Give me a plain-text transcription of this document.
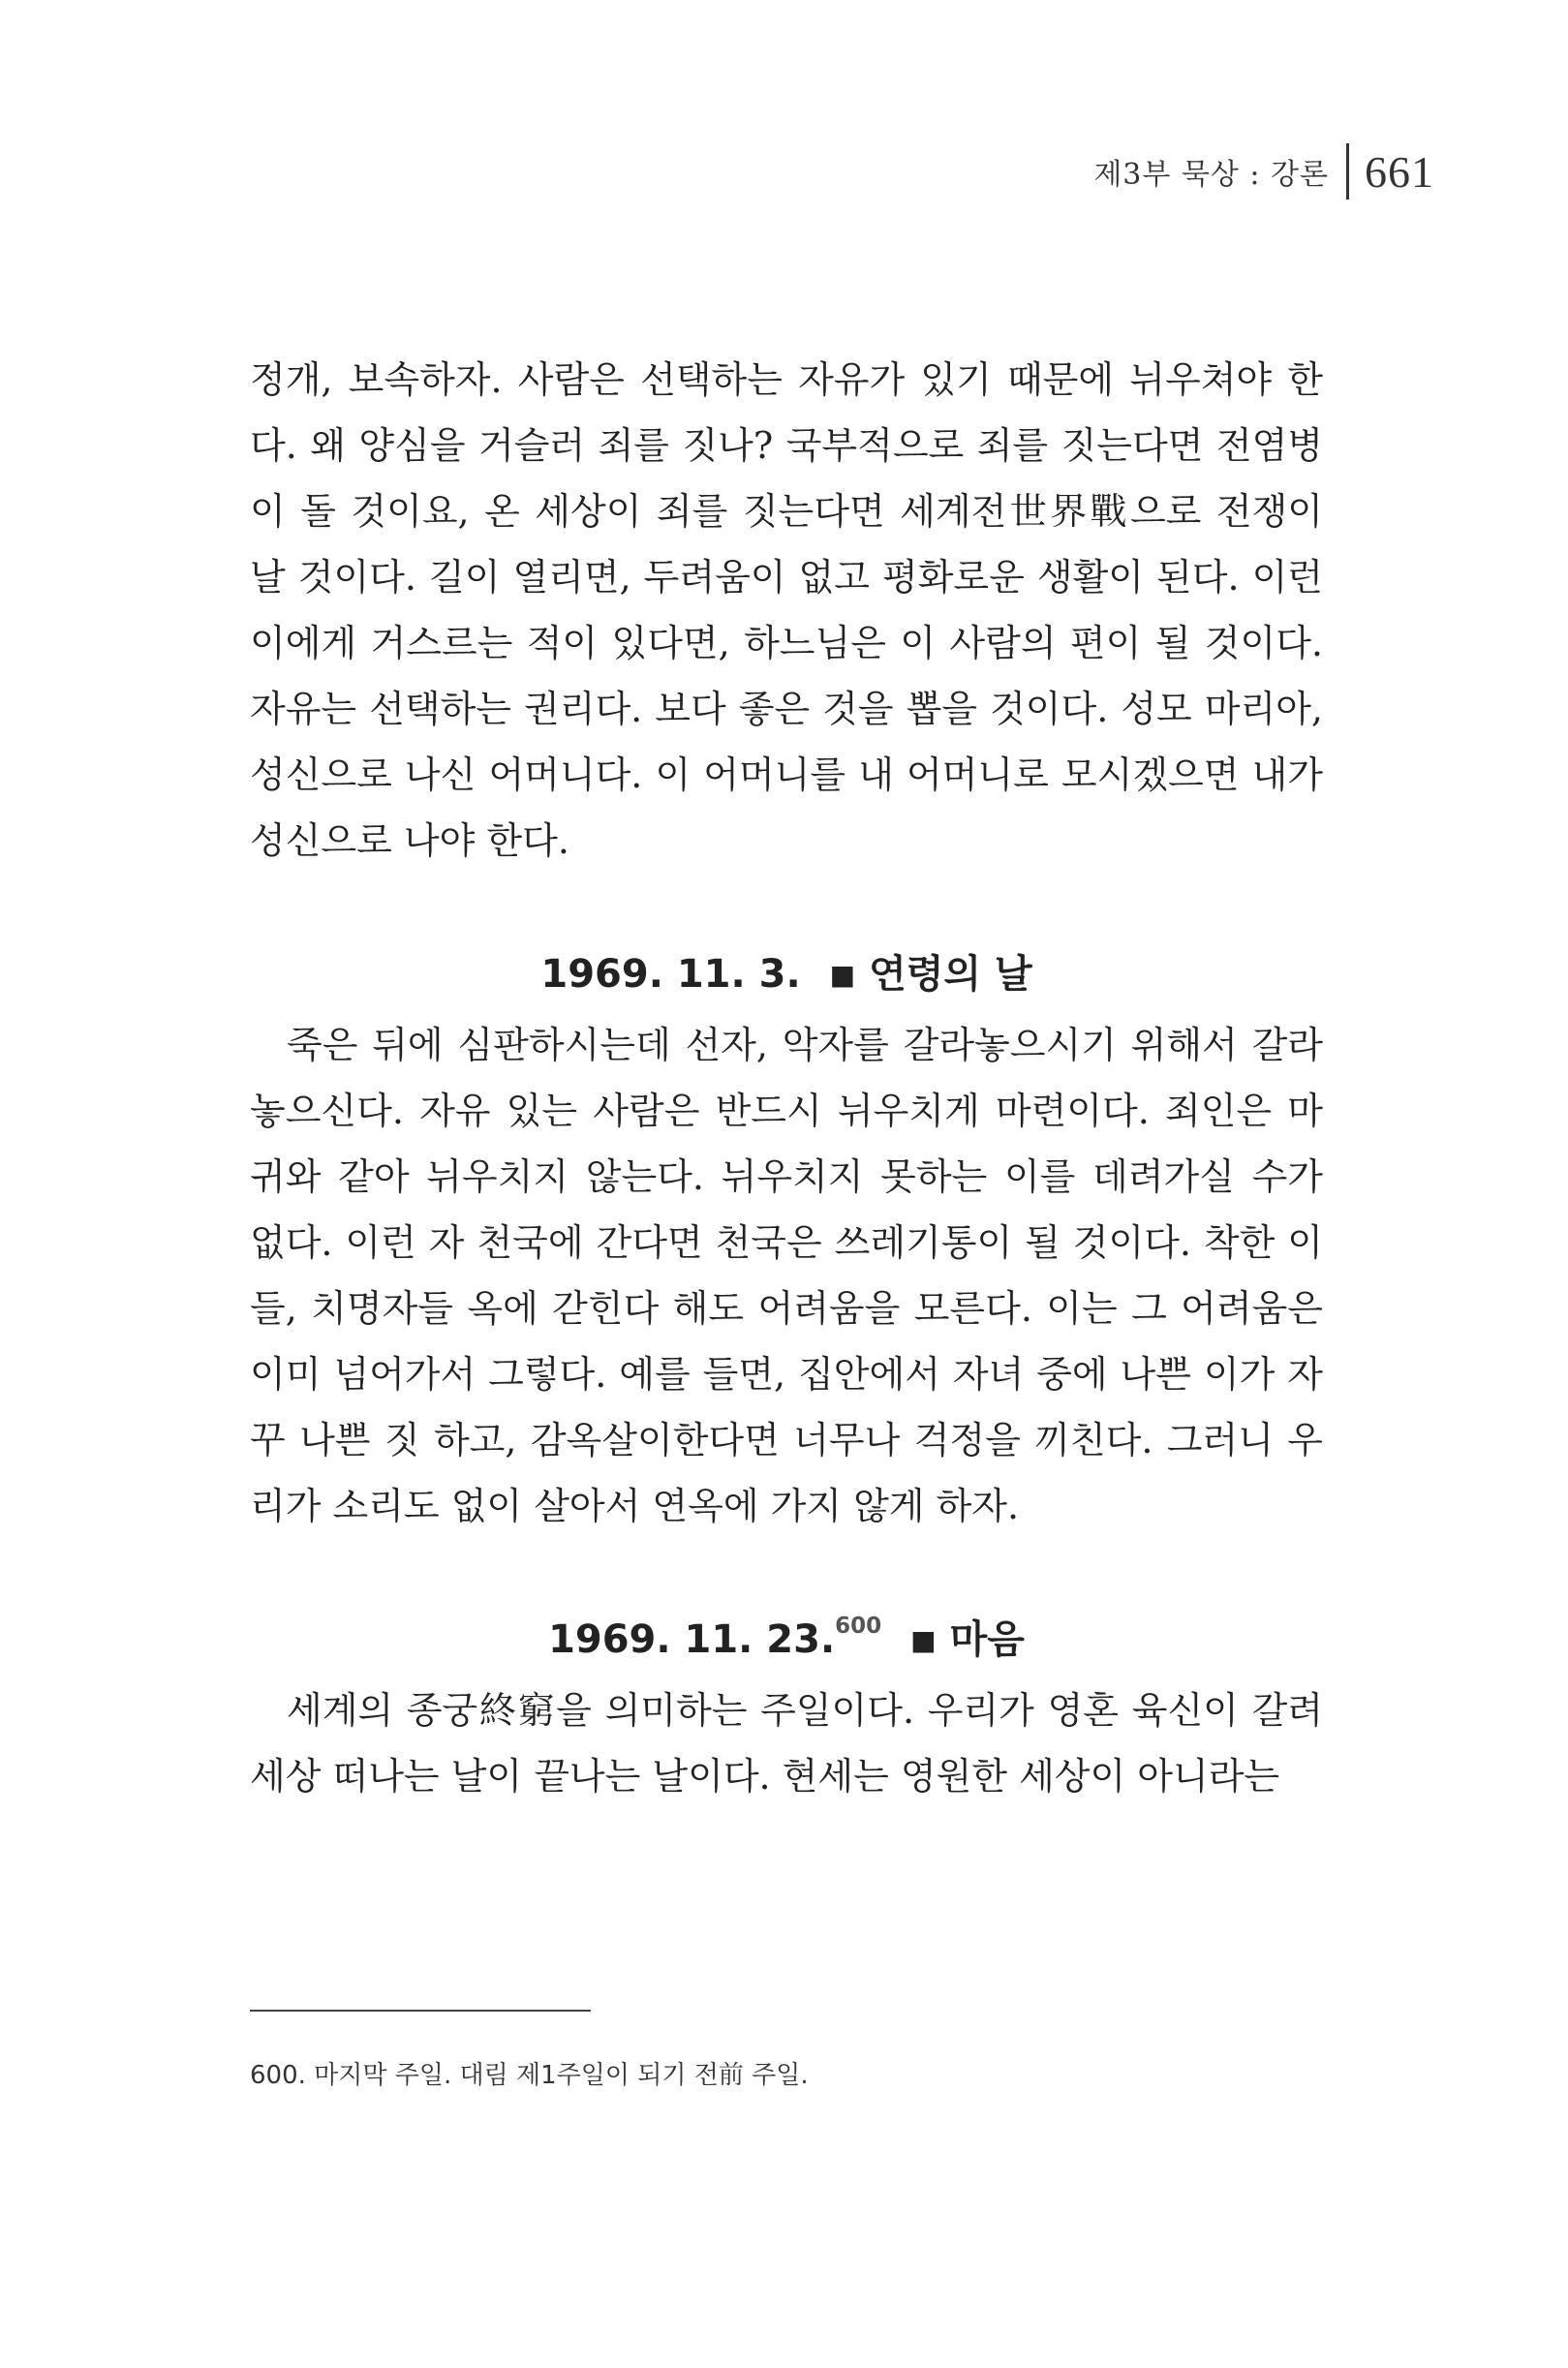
제3부 묵상 : 강론 661

정개, 보속하자. 사람은 선택하는 자유가 있기 때문에 뉘우쳐야 한다. 왜 양심을 거슬러 죄를 짓나? 국부적으로 죄를 짓는다면 전염병이 돌 것이요, 온 세상이 죄를 짓는다면 세계전世界戰으로 전쟁이 날 것이다. 길이 열리면, 두려움이 없고 평화로운 생활이 된다. 이런 이에게 거스르는 적이 있다면, 하느님은 이 사람의 편이 될 것이다. 자유는 선택하는 권리다. 보다 좋은 것을 뽑을 것이다. 성모 마리아, 성신으로 나신 어머니다. 이 어머니를 내 어머니로 모시겠으면 내가 성신으로 나야 한다.

1969. 11. 3. ■ 연령의 날

죽은 뒤에 심판하시는데 선자, 악자를 갈라놓으시기 위해서 갈라놓으신다. 자유 있는 사람은 반드시 뉘우치게 마련이다. 죄인은 마귀와 같아 뉘우치지 않는다. 뉘우치지 못하는 이를 데려가실 수가 없다. 이런 자 천국에 간다면 천국은 쓰레기통이 될 것이다. 착한 이들, 치명자들 옥에 갇힌다 해도 어려움을 모른다. 이는 그 어려움은 이미 넘어가서 그렇다. 예를 들면, 집안에서 자녀 중에 나쁜 이가 자꾸 나쁜 짓 하고, 감옥살이한다면 너무나 걱정을 끼친다. 그러니 우리가 소리도 없이 살아서 연옥에 가지 않게 하자.

1969. 11. 23.$^{600}$ ■ 마음

세계의 종궁終窮을 의미하는 주일이다. 우리가 영혼 육신이 갈려 세상 떠나는 날이 끝나는 날이다. 현세는 영원한 세상이 아니라는

600. 마지막 주일. 대림 제1주일이 되기 전前 주일.
